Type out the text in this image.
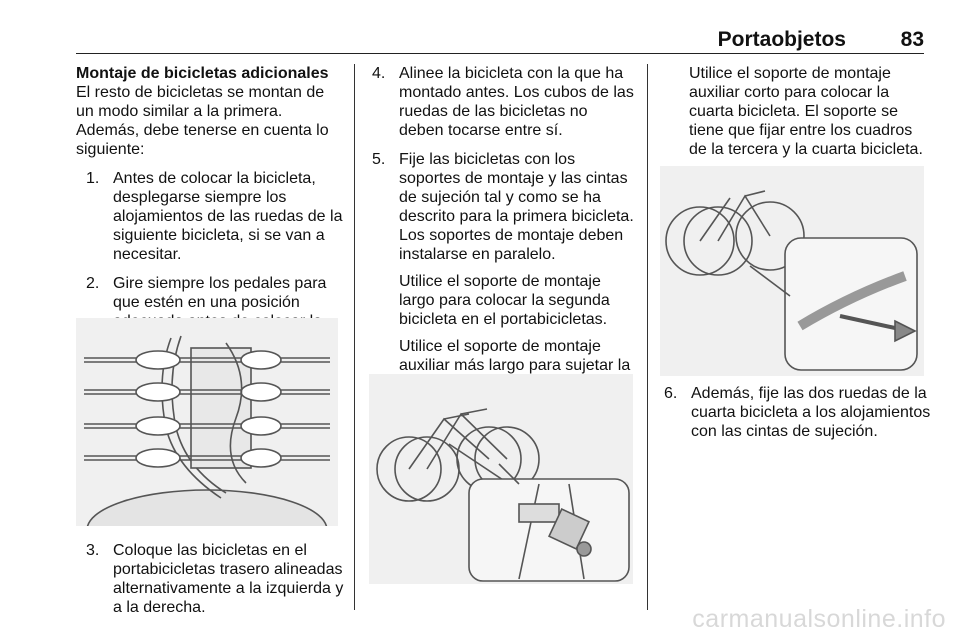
Portaobjetos	83

Montaje de bicicletas adicionales

El resto de bicicletas se montan de un modo similar a la primera. Además, debe tenerse en cuenta lo siguiente:

1. Antes de colocar la bicicleta, desplegarse siempre los alojamientos de las ruedas de la siguiente bicicleta, si se van a necesitar.

2. Gire siempre los pedales para que estén en una posición

3. Coloque las bicicletas en el portabicicletas trasero alineadas alternativamente a la izquierda y a la derecha.

4. Alinee la bicicleta con la que ha montado antes. Los cubos de las ruedas de las bicicletas no deben tocarse entre sí.

5. Fije las bicicletas con los soportes de montaje y las cintas de sujeción tal y como se ha descrito para la primera bicicleta. Los soportes de montaje deben instalarse en paralelo.

Utilice el soporte de montaje largo para colocar la segunda bicicleta en el portabicicletas.

Utilice el soporte de montaje auxiliar más largo para sujetar la

Utilice el soporte de montaje auxiliar corto para colocar la cuarta bicicleta. El soporte se tiene que fijar entre los cuadros de la tercera y la cuarta bicicleta.

6. Además, fije las dos ruedas de la cuarta bicicleta a los alojamientos con las cintas de sujeción.

carmanualsonline.info
